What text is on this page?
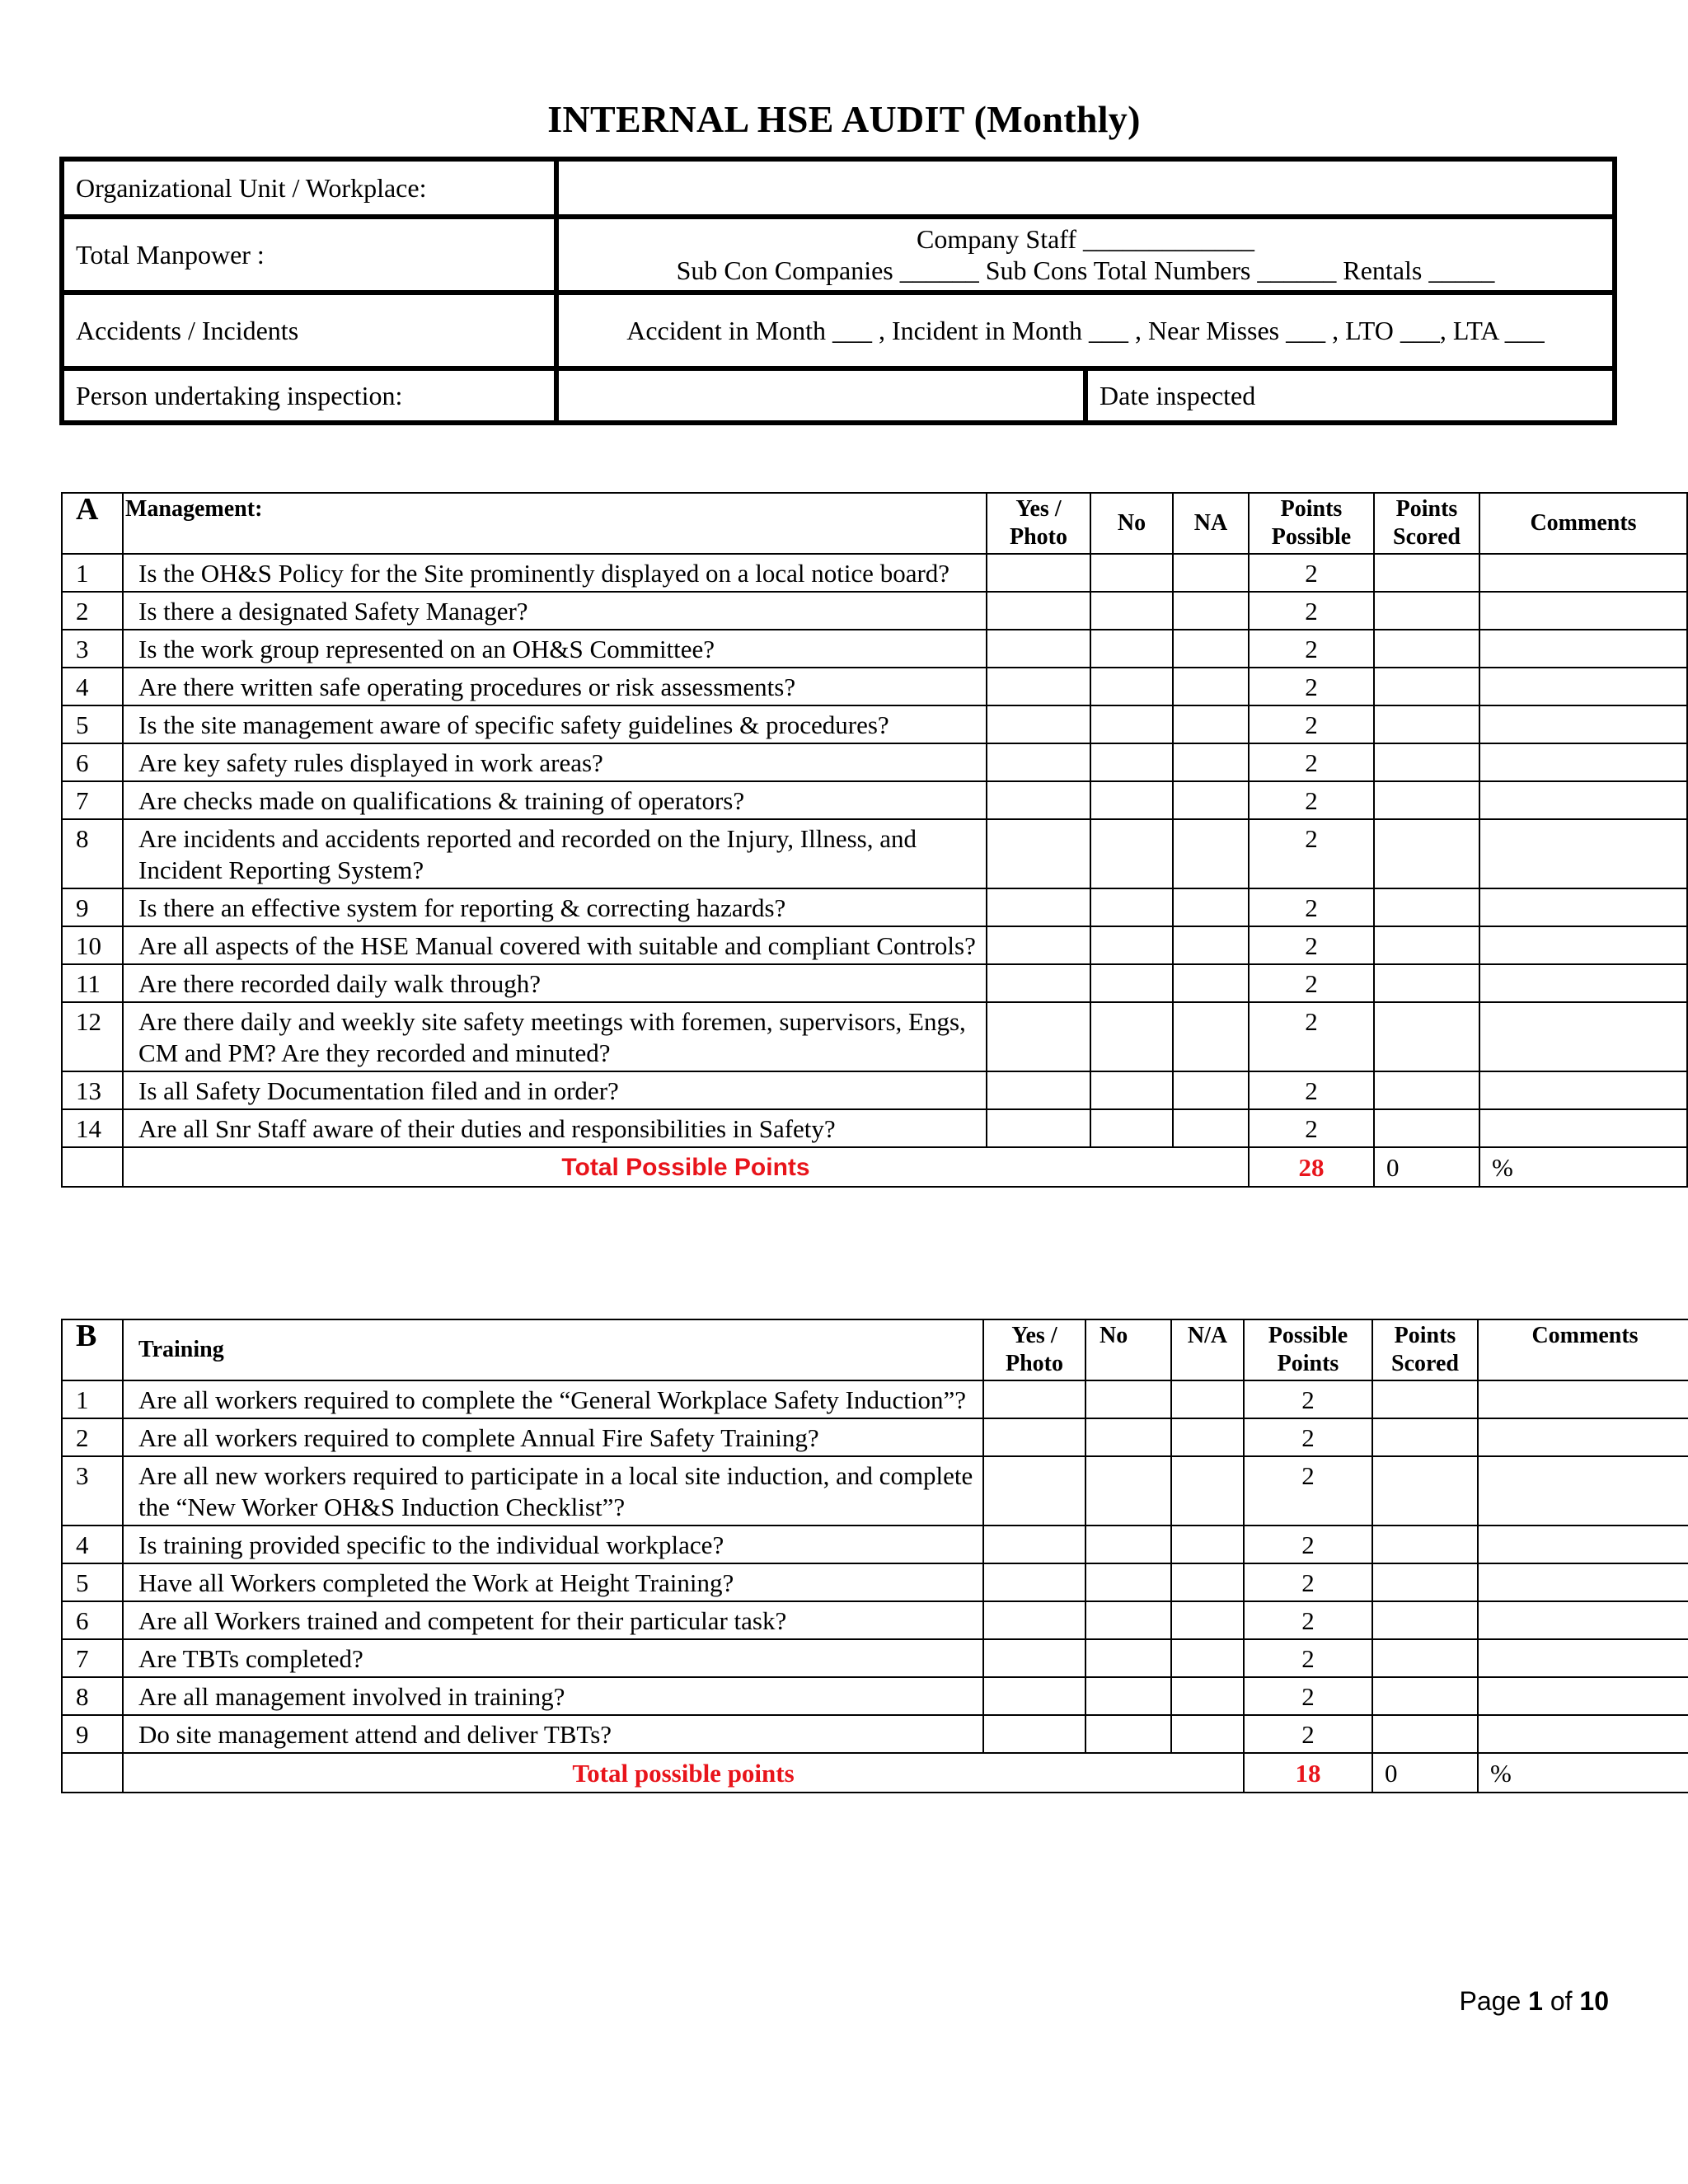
INTERNAL HSE AUDIT (Monthly)
Organizational Unit / Workplace:		
Total Manpower :	Company Staff _____________
Sub Con Companies ______ Sub Cons Total Numbers ______ Rentals _____	

Accidents / Incidents	Accident in Month ___ , Incident in Month ___ , Near Misses ___ , LTO ___, LTA ___	
Person undertaking inspection:		Date inspected
A	Management:	Yes / Photo	No	NA	Points Possible	Points Scored	Comments
1	Is the OH&S Policy for the Site prominently displayed on a local notice board?				2		
2	Is there a designated Safety Manager?				2		
3	Is the work group represented on an OH&S Committee?				2		
4	Are there written safe operating procedures or risk assessments?				2		
5	Is the site management aware of specific safety guidelines & procedures?				2		
6	Are key safety rules displayed in work areas?				2		
7	Are checks made on qualifications & training of operators?				2		
8	Are incidents and accidents reported and recorded on the Injury, Illness, and Incident Reporting System?				2		
9	Is there an effective system for reporting & correcting hazards?				2		
10	Are all aspects of the HSE Manual covered with suitable and compliant Controls?				2		
11	Are there recorded daily walk through?				2		
12	Are there daily and weekly site safety meetings with foremen, supervisors, Engs, CM and PM? Are they recorded and minuted?				2		
13	Is all Safety Documentation filed and in order?				2		
14	Are all Snr Staff aware of their duties and responsibilities in Safety?				2		
	Total Possible Points				28	0	%
B	Training	Yes / Photo	No	N/A	Possible Points	Points Scored	Comments
1	Are all workers required to complete the “General Workplace Safety Induction”?				2		
2	Are all workers required to complete Annual Fire Safety Training?				2		
3	Are all new workers required to participate in a local site induction, and complete the “New Worker OH&S Induction Checklist”?				2		
4	Is training provided specific to the individual workplace?				2		
5	Have all Workers completed the Work at Height Training?				2		
6	Are all Workers trained and competent for their particular task?				2		
7	Are TBTs completed?				2		
8	Are all management involved in training?				2		
9	Do site management attend and deliver TBTs?				2		
	Total possible points				18	0	%
Page 1 of 10
